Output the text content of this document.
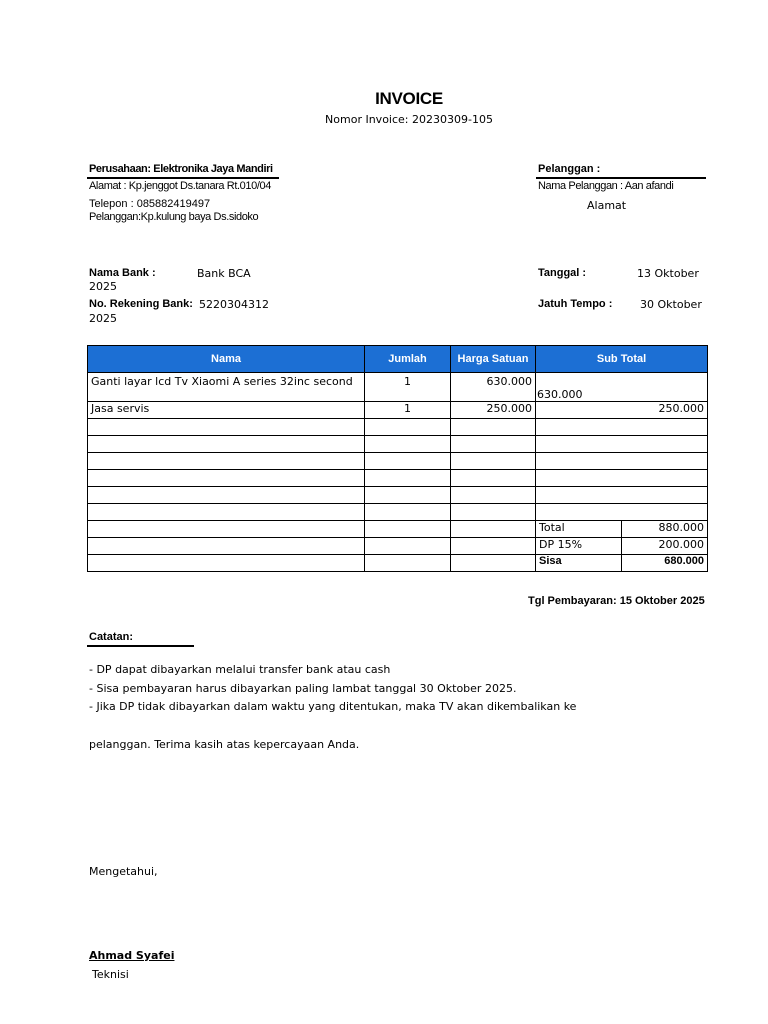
INVOICE
Nomor Invoice: 20230309-105
Perusahaan: Elektronika Jaya Mandiri
Alamat : Kp.jenggot Ds.tanara Rt.010/04
Telepon : 085882419497
Pelanggan:Kp.kulung baya Ds.sidoko
Pelanggan :
Nama Pelanggan : Aan afandi
Alamat
Nama Bank :	Bank BCA
2025
No. Rekening Bank: 5220304312
2025
Tanggal :	13 Oktober
Jatuh Tempo :	30 Oktober
Nama	Jumlah	Harga Satuan	Sub Total	
Ganti layar lcd Tv Xiaomi A series 32inc second	1	630.000	630.000	

Jasa servis	1	250.000	250.000	

			Total	880.000
			DP 15%	200.000
			Sisa	680.000
Tgl Pembayaran: 15 Oktober 2025
Catatan:
- DP dapat dibayarkan melalui transfer bank atau cash
- Sisa pembayaran harus dibayarkan paling lambat tanggal 30 Oktober 2025.
- Jika DP tidak dibayarkan dalam waktu yang ditentukan, maka TV akan dikembalikan ke
pelanggan. Terima kasih atas kepercayaan Anda.
Mengetahui,
Ahmad Syafei
Teknisi
